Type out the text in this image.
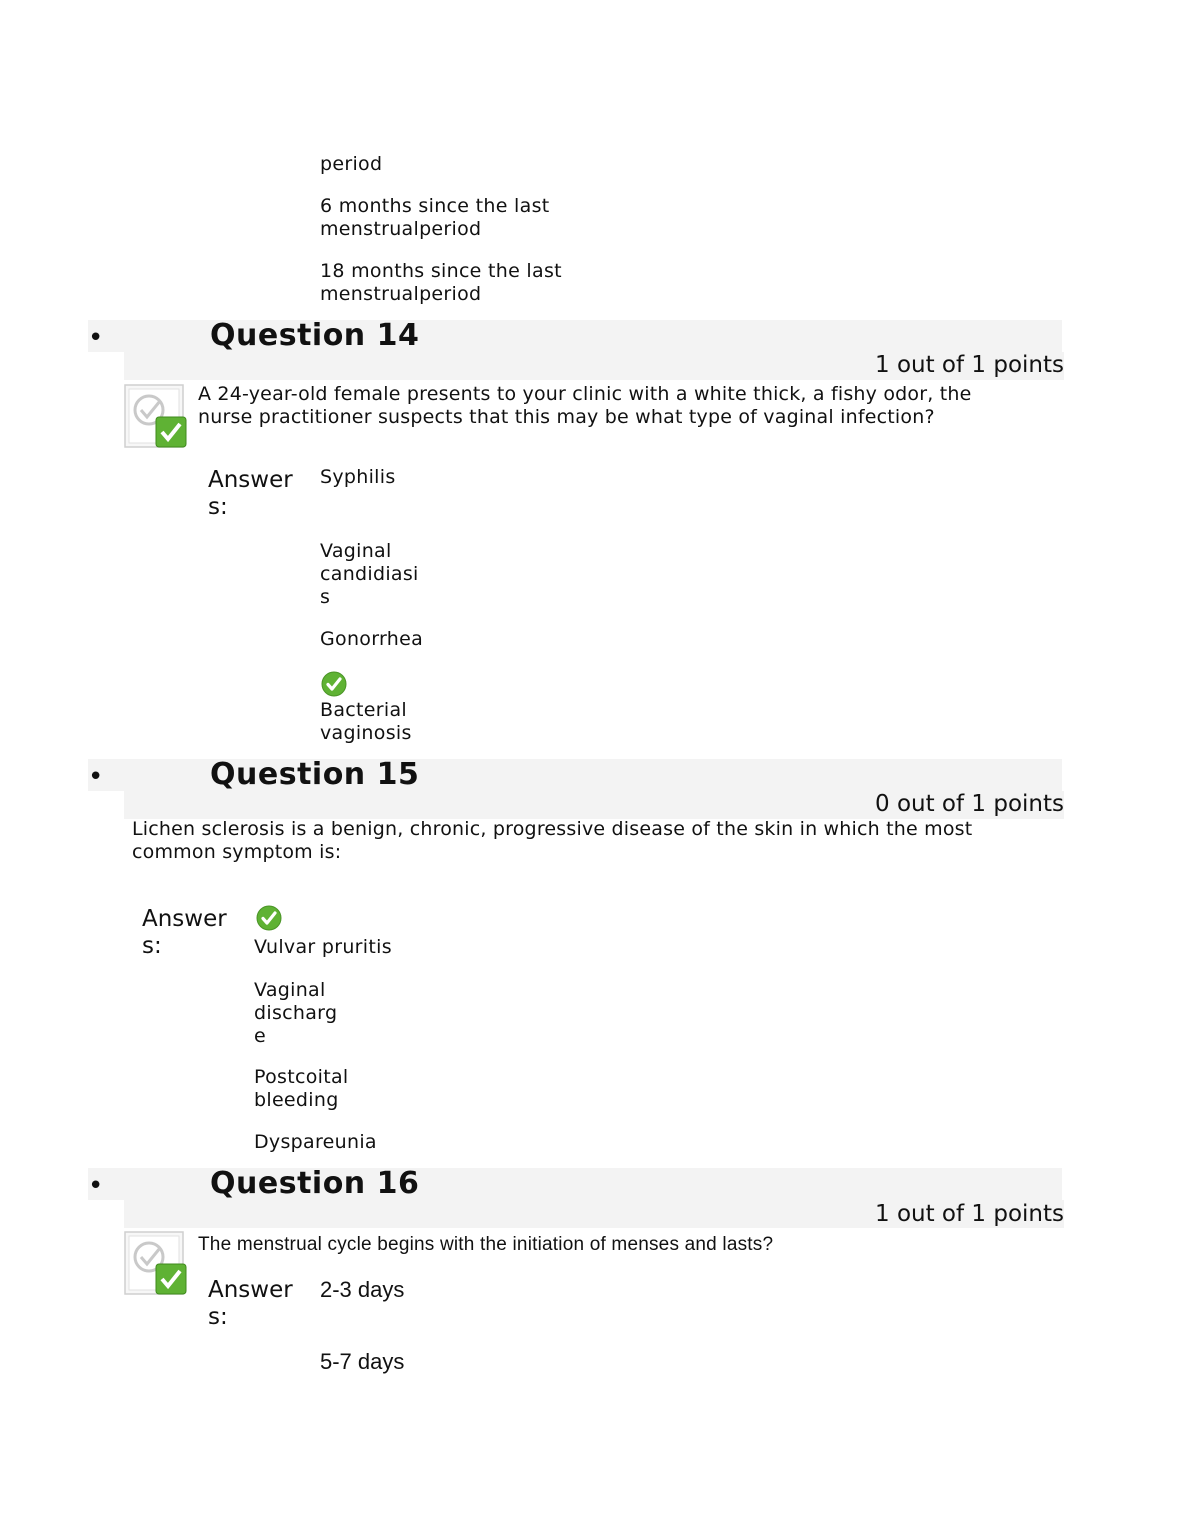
period
6 months since the last
menstrualperiod
18 months since the last
menstrualperiod
•	Question 14
1 out of 1 points
A 24-year-old female presents to your clinic with a white thick, a fishy odor, the
nurse practitioner suspects that this may be what type of vaginal infection?
Answer
s:
Syphilis
Vaginal
candidiasi
s
Gonorrhea
Bacterial
vaginosis
•	Question 15
0 out of 1 points
Lichen sclerosis is a benign, chronic, progressive disease of the skin in which the most
common symptom is:
Answer
s:	Vulvar pruritis
Vaginal
discharg
e
Postcoital
bleeding
Dyspareunia
•	Question 16
1 out of 1 points
The menstrual cycle begins with the initiation of menses and lasts?
Answer
s:
2-3 days
5-7 days
